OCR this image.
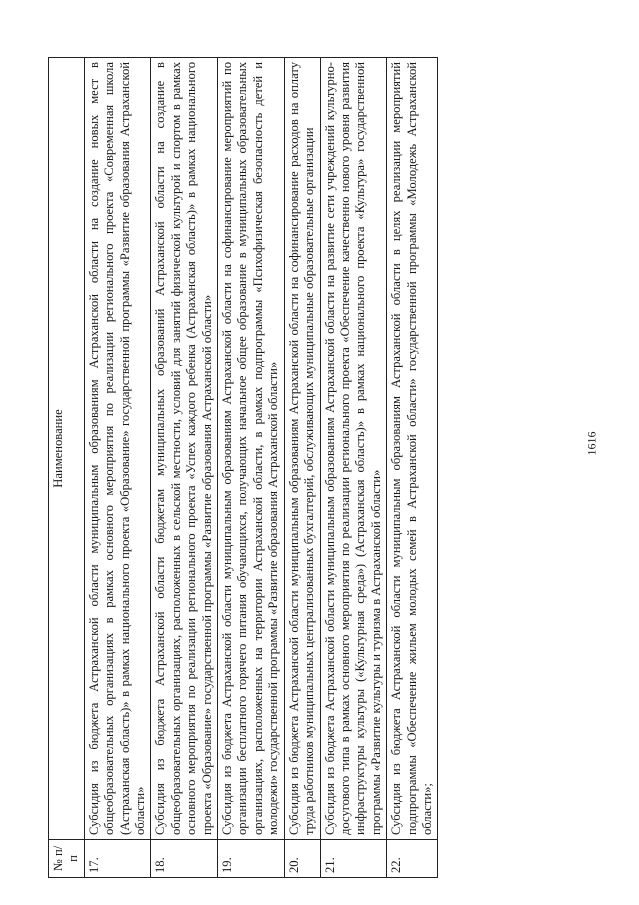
1616
№ п/п	Наименование
17.	Субсидия из бюджета Астраханской области муниципальным образованиям Астраханской области на создание новых мест в общеобразовательных организациях в рамках основного мероприятия по реализации регионального проекта «Современная школа (Астраханская область)» в рамках национального проекта «Образование» государственной программы «Развитие образования Астраханской области»
18.	Субсидия из бюджета Астраханской области бюджетам муниципальных образований Астраханской области на создание в общеобразовательных организациях, расположенных в сельской местности, условий для занятий физической культурой и спортом в рамках основного мероприятия по реализации регионального проекта «Успех каждого ребенка (Астраханская область)» в рамках национального проекта «Образование» государственной программы «Развитие образования Астраханской области»
19.	Субсидия из бюджета Астраханской области муниципальным образованиям Астраханской области на софинансирование мероприятий по организации бесплатного горячего питания обучающихся, получающих начальное общее образование в муниципальных образовательных организациях, расположенных на территории Астраханской области, в рамках подпрограммы «Психофизическая безопасность детей и молодежи» государственной программы «Развитие образования Астраханской области»
20.	Субсидия из бюджета Астраханской области муниципальным образованиям Астраханской области на софинансирование расходов на оплату труда работников муниципальных централизованных бухгалтерий, обслуживающих муниципальные образовательные организации
21.	Субсидия из бюджета Астраханской области муниципальным образованиям Астраханской области на развитие сети учреждений культурно-досугового типа в рамках основного мероприятия по реализации регионального проекта «Обеспечение качественно нового уровня развития инфраструктуры культуры («Культурная среда») (Астраханская область)» в рамках национального проекта «Культура» государственной программы «Развитие культуры и туризма в Астраханской области»
22.	Субсидия из бюджета Астраханской области муниципальным образованиям Астраханской области в целях реализации мероприятий подпрограммы «Обеспечение жильем молодых семей в Астраханской области» государственной программы «Молодежь Астраханской области»;
